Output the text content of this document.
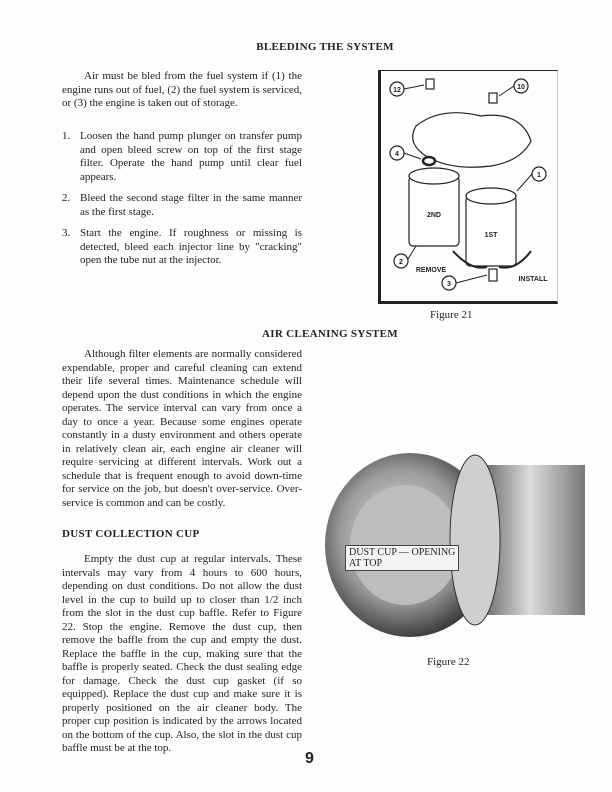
BLEEDING THE SYSTEM
Air must be bled from the fuel system if (1) the engine runs out of fuel, (2) the fuel system is serviced, or (3) the engine is taken out of storage.
1. Loosen the hand pump plunger on transfer pump and open bleed screw on top of the first stage filter. Operate the hand pump until clear fuel appears.
2. Bleed the second stage filter in the same manner as the first stage.
3. Start the engine. If roughness or missing is detected, bleed each injector line by "cracking" open the tube nut at the injector.
12	10
4
1
2
3
2ND
1ST
REMOVE
INSTALL
Figure 21
AIR CLEANING SYSTEM
Although filter elements are normally considered expendable, proper and careful cleaning can extend their life several times. Maintenance schedule will depend upon the dust conditions in which the engine operates. The service interval can vary from once a day to once a year. Because some engines operate constantly in a dusty environment and others operate in relatively clean air, each engine air cleaner will require servicing at different intervals. Work out a schedule that is frequent enough to avoid down-time for service on the job, but doesn't over-service. Over-service is common and can be costly.
DUST COLLECTION CUP
Empty the dust cup at regular intervals. These intervals may vary from 4 hours to 600 hours, depending on dust conditions. Do not allow the dust level in the cup to build up to closer than 1/2 inch from the slot in the dust cup baffle. Refer to Figure 22. Stop the engine. Remove the dust cup, then remove the baffle from the cup and empty the dust. Replace the baffle in the cup, making sure that the baffle is properly seated. Check the dust sealing edge for damage. Check the dust cup gasket (if so equipped). Replace the dust cup and make sure it is properly positioned on the air cleaner body. The proper cup position is indicated by the arrows located on the bottom of the cup. Also, the slot in the dust cup baffle must be at the top.
DUST CUP — OPENING
AT TOP
Figure 22
9
